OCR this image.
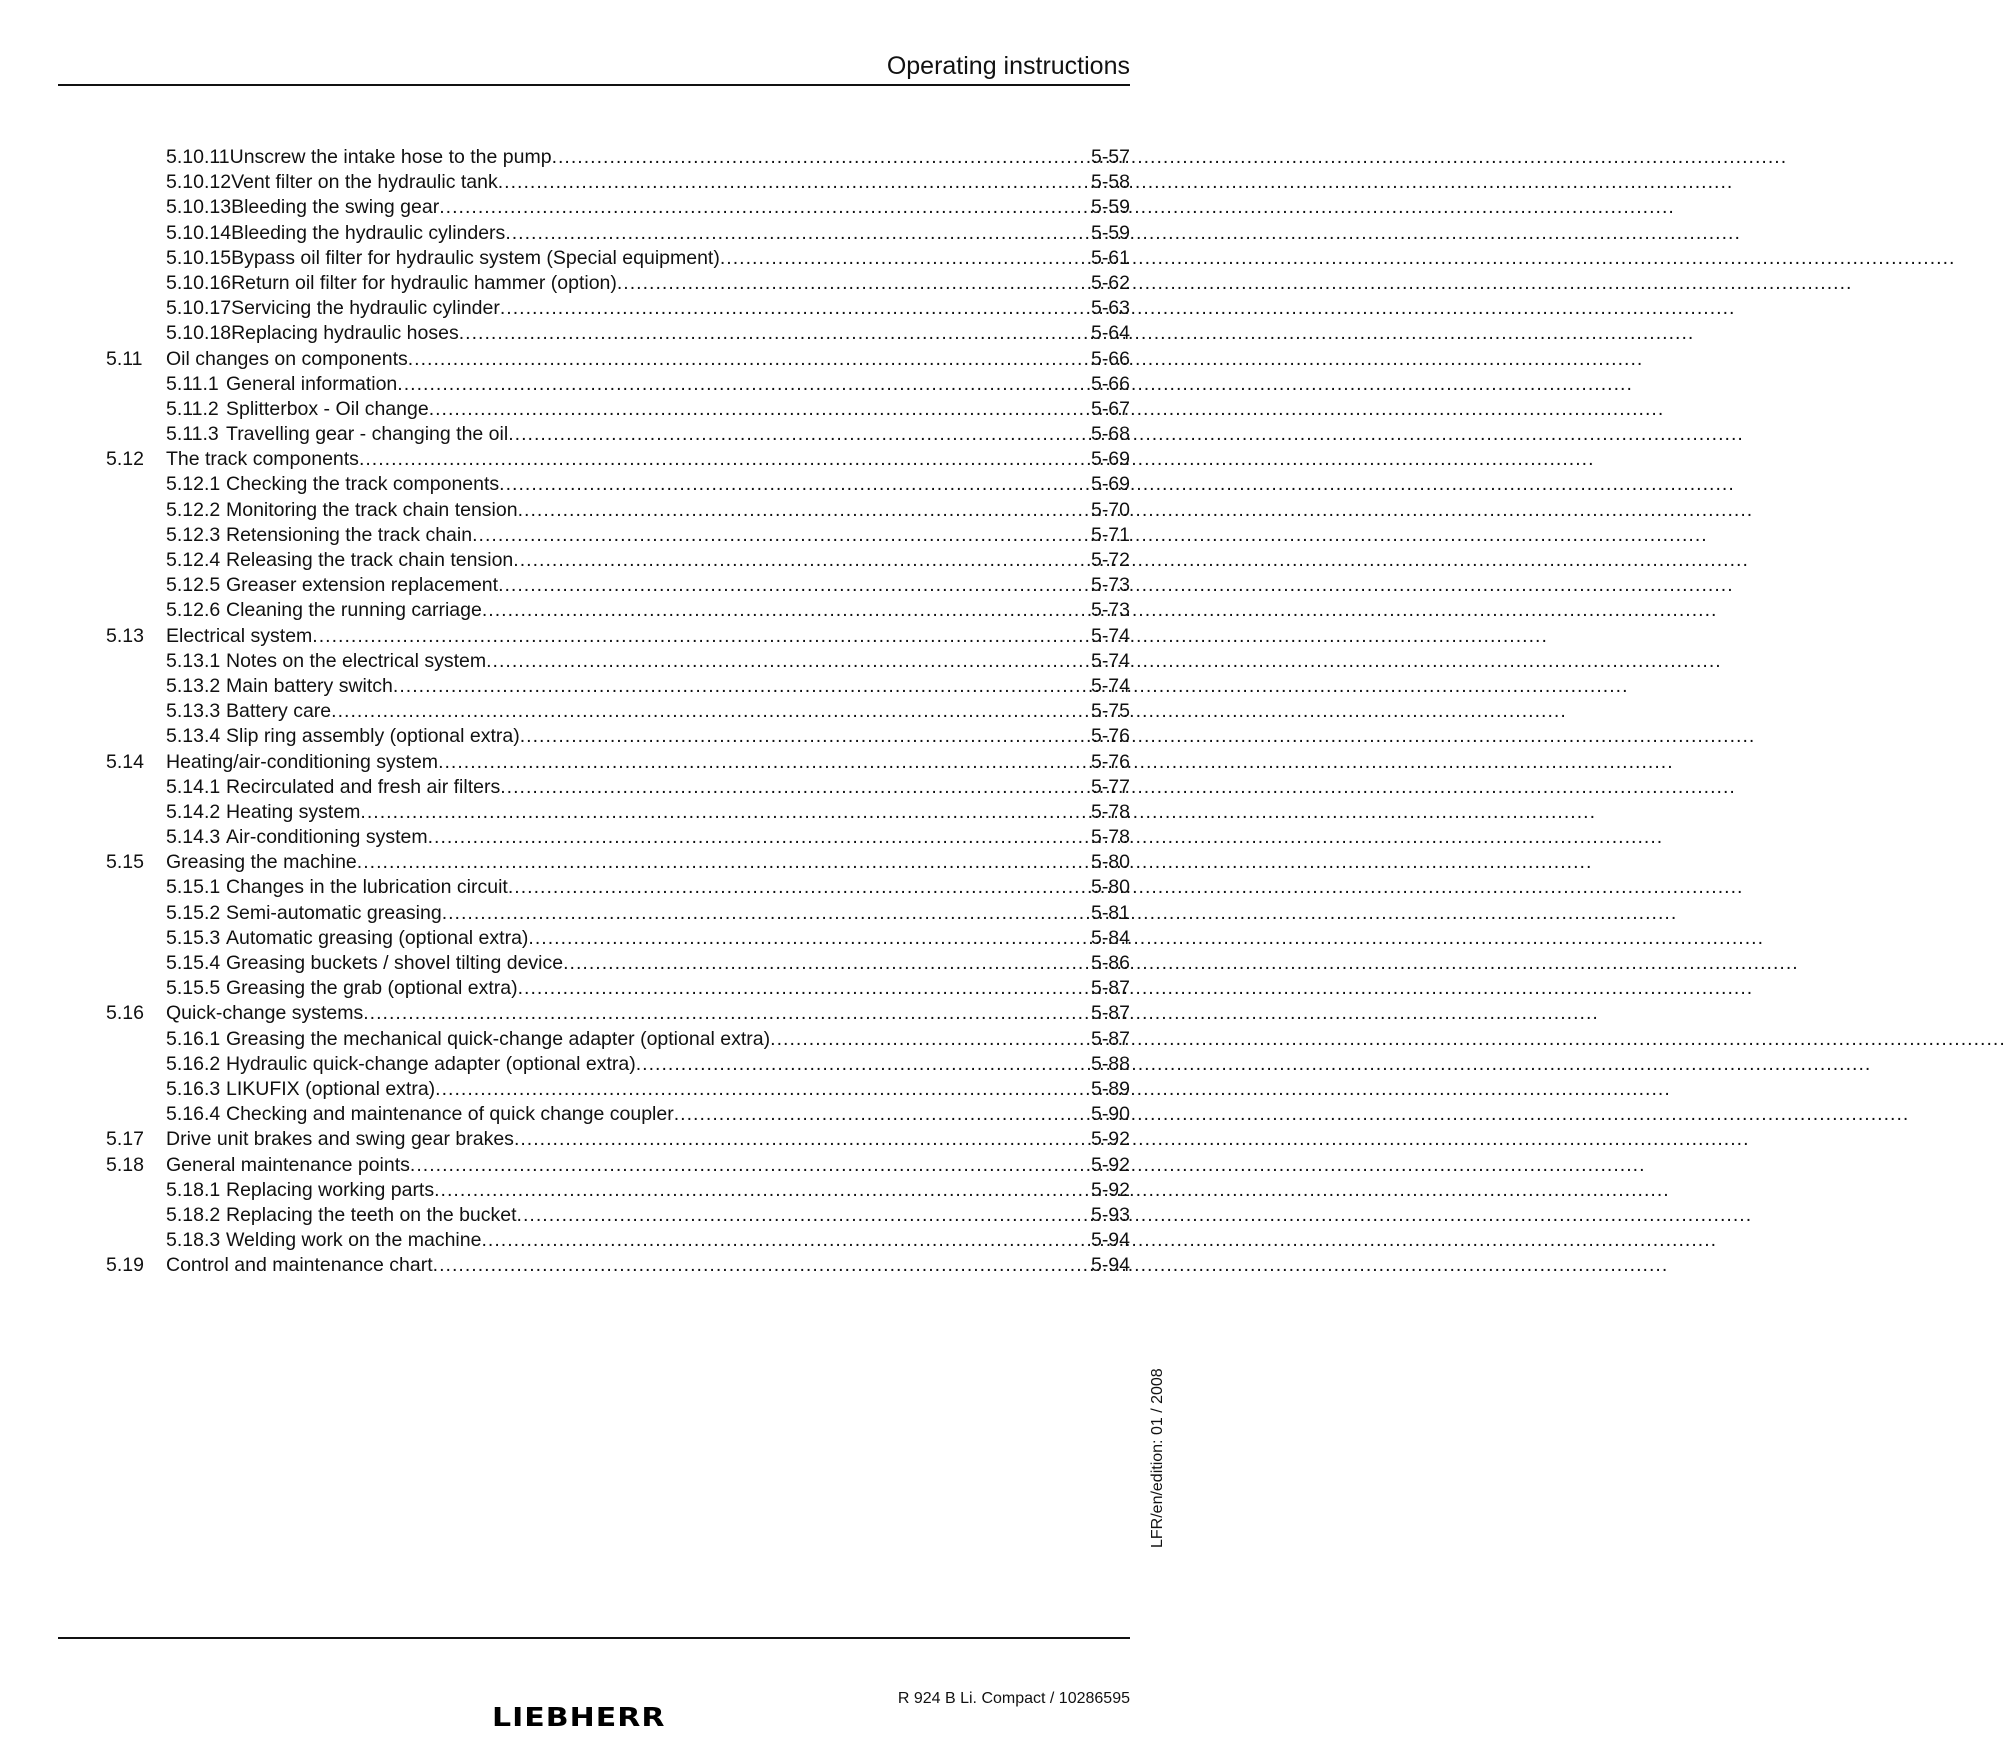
Operating instructions
5.10.11Unscrew the intake hose to the pump . . .	5-57
5.10.12Vent filter on the hydraulic tank . . .	5-58
5.10.13Bleeding the swing gear . . .	5-59
5.10.14Bleeding the hydraulic cylinders . . .	5-59
5.10.15Bypass oil filter for hydraulic system (Special equipment) . . .	5-61
5.10.16Return oil filter for hydraulic hammer (option) . . .	5-62
5.10.17Servicing the hydraulic cylinder . . .	5-63
5.10.18Replacing hydraulic hoses . . .	5-64
5.11 Oil changes on components . . .	5-66
5.11.1 General information . . .	5-66
5.11.2 Splitterbox - Oil change . . .	5-67
5.11.3 Travelling gear - changing the oil . . .	5-68
5.12 The track components . . .	5-69
5.12.1 Checking the track components . . .	5-69
5.12.2 Monitoring the track chain tension . . .	5-70
5.12.3 Retensioning the track chain . . .	5-71
5.12.4 Releasing the track chain tension . . .	5-72
5.12.5 Greaser extension replacement . . .	5-73
5.12.6 Cleaning the running carriage . . .	5-73
5.13 Electrical system . . .	5-74
5.13.1 Notes on the electrical system . . .	5-74
5.13.2 Main battery switch . . .	5-74
5.13.3 Battery care . . .	5-75
5.13.4 Slip ring assembly (optional extra) . . .	5-76
5.14 Heating/air-conditioning system . . .	5-76
5.14.1 Recirculated and fresh air filters . . .	5-77
5.14.2 Heating system . . .	5-78
5.14.3 Air-conditioning system . . .	5-78
5.15 Greasing the machine . . .	5-80
5.15.1 Changes in the lubrication circuit . . .	5-80
5.15.2 Semi-automatic greasing . . .	5-81
5.15.3 Automatic greasing (optional extra) . . .	5-84
5.15.4 Greasing buckets / shovel tilting device . . .	5-86
5.15.5 Greasing the grab (optional extra) . . .	5-87
5.16 Quick-change systems . . .	5-87
5.16.1 Greasing the mechanical quick-change adapter (optional extra) . . .	5-87
5.16.2 Hydraulic quick-change adapter (optional extra) . . .	5-88
5.16.3 LIKUFIX (optional extra) . . .	5-89
5.16.4 Checking and maintenance of quick change coupler . . .	5-90
5.17 Drive unit brakes and swing gear brakes . . .	5-92
5.18 General maintenance points . . .	5-92
5.18.1 Replacing working parts . . .	5-92
5.18.2 Replacing the teeth on the bucket . . .	5-93
5.18.3 Welding work on the machine . . .	5-94
5.19 Control and maintenance chart . . .	5-94
LFR/en/edition: 01 / 2008
R 924 B Li. Compact / 10286595
LIEBHERR
